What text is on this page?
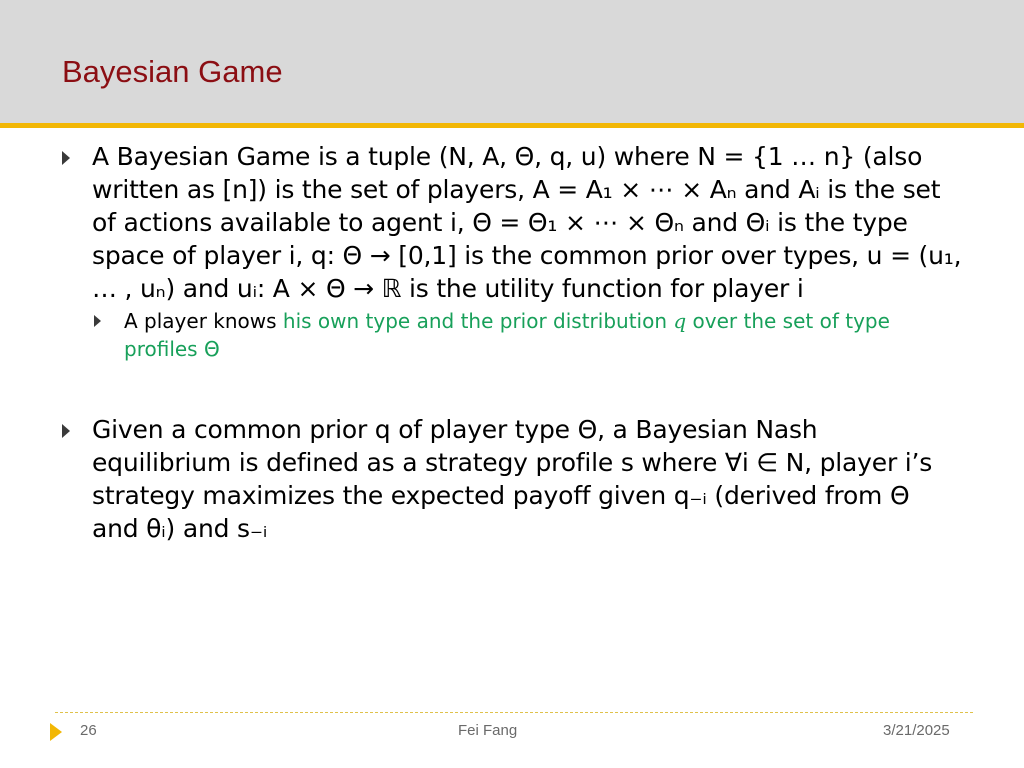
Bayesian Game
A Bayesian Game is a tuple (N, A, Θ, q, u) where N = {1 … n} (also written as [n]) is the set of players, A = A₁ × ⋯ × Aₙ and Aᵢ is the set of actions available to agent i, Θ = Θ₁ × ⋯ × Θₙ and Θᵢ is the type space of player i, q: Θ → [0,1] is the common prior over types, u = (u₁, … , uₙ) and uᵢ: A × Θ → ℝ is the utility function for player i
A player knows his own type and the prior distribution q over the set of type profiles Θ
Given a common prior q of player type Θ, a Bayesian Nash equilibrium is defined as a strategy profile s where ∀i ∈ N, player i’s strategy maximizes the expected payoff given q₋ᵢ (derived from Θ and θᵢ) and s₋ᵢ
26	Fei Fang	3/21/2025
